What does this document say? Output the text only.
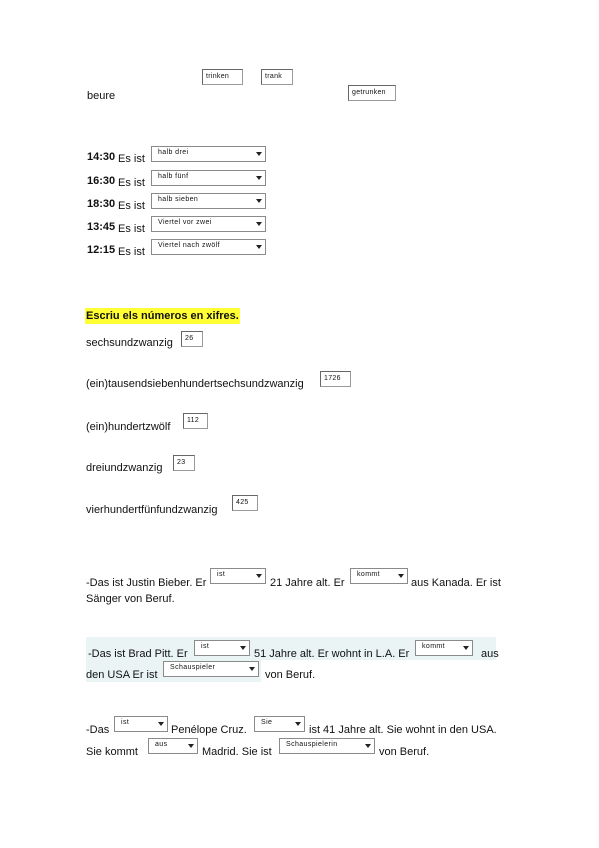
beure
trinken	trank
getrunken
14:30 Es ist
halb drei
16:30 Es ist
halb fünf
18:30 Es ist
halb sieben
13:45 Es ist
Viertel vor zwei
12:15 Es ist
Viertel nach zwölf
Escriu els números en xifres.
sechsundzwanzig	26
(ein)tausendsiebenhundertsechsundzwanzig	1726
(ein)hundertzwölf
112
dreiundzwanzig	23
vierhundertfünfundzwanzig
425
-Das ist Justin Bieber. Er
ist
21 Jahre alt. Er
kommt
aus Kanada. Er ist
Sänger von Beruf.
-Das ist Brad Pitt. Er
ist
51 Jahre alt. Er wohnt in L.A. Er
kommt
aus
den USA Er ist
Schauspieler
von Beruf.
-Das
ist
Penélope Cruz.
Sie
ist 41 Jahre alt. Sie wohnt in den USA.
Sie kommt
aus
Madrid. Sie ist
Schauspielerin
von Beruf.
